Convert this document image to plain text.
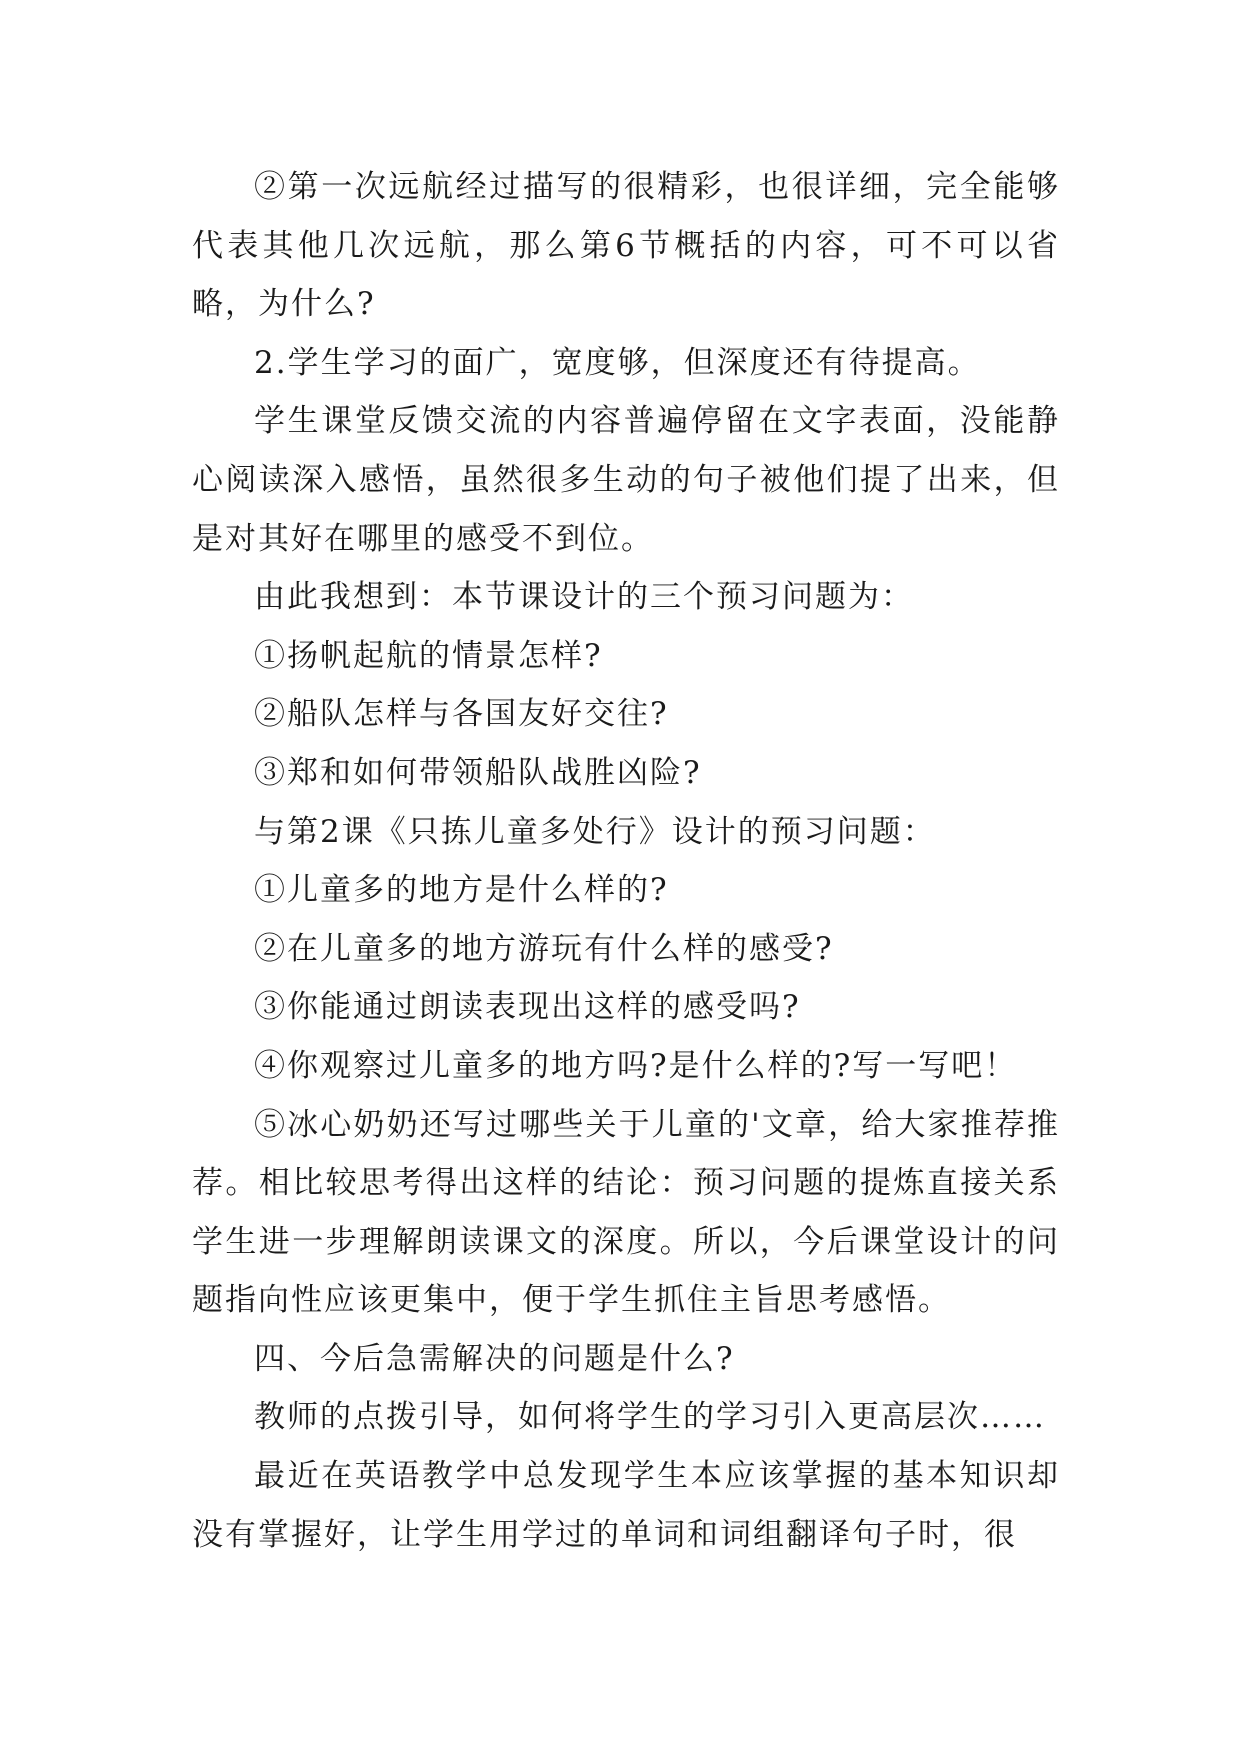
②第一次远航经过描写的很精彩，也很详细，完全能够代表其他几次远航，那么第6节概括的内容，可不可以省略，为什么?

2.学生学习的面广，宽度够，但深度还有待提高。

学生课堂反馈交流的内容普遍停留在文字表面，没能静心阅读深入感悟，虽然很多生动的句子被他们提了出来，但是对其好在哪里的感受不到位。

由此我想到：本节课设计的三个预习问题为：

①扬帆起航的情景怎样?

②船队怎样与各国友好交往?

③郑和如何带领船队战胜凶险?

与第2课《只拣儿童多处行》设计的预习问题：

①儿童多的地方是什么样的?

②在儿童多的地方游玩有什么样的感受?

③你能通过朗读表现出这样的感受吗?

④你观察过儿童多的地方吗?是什么样的?写一写吧！

⑤冰心奶奶还写过哪些关于儿童的'文章，给大家推荐推荐。相比较思考得出这样的结论：预习问题的提炼直接关系学生进一步理解朗读课文的深度。所以，今后课堂设计的问题指向性应该更集中，便于学生抓住主旨思考感悟。

四、今后急需解决的问题是什么?

教师的点拨引导，如何将学生的学习引入更高层次……

最近在英语教学中总发现学生本应该掌握的基本知识却没有掌握好，让学生用学过的单词和词组翻译句子时，很
